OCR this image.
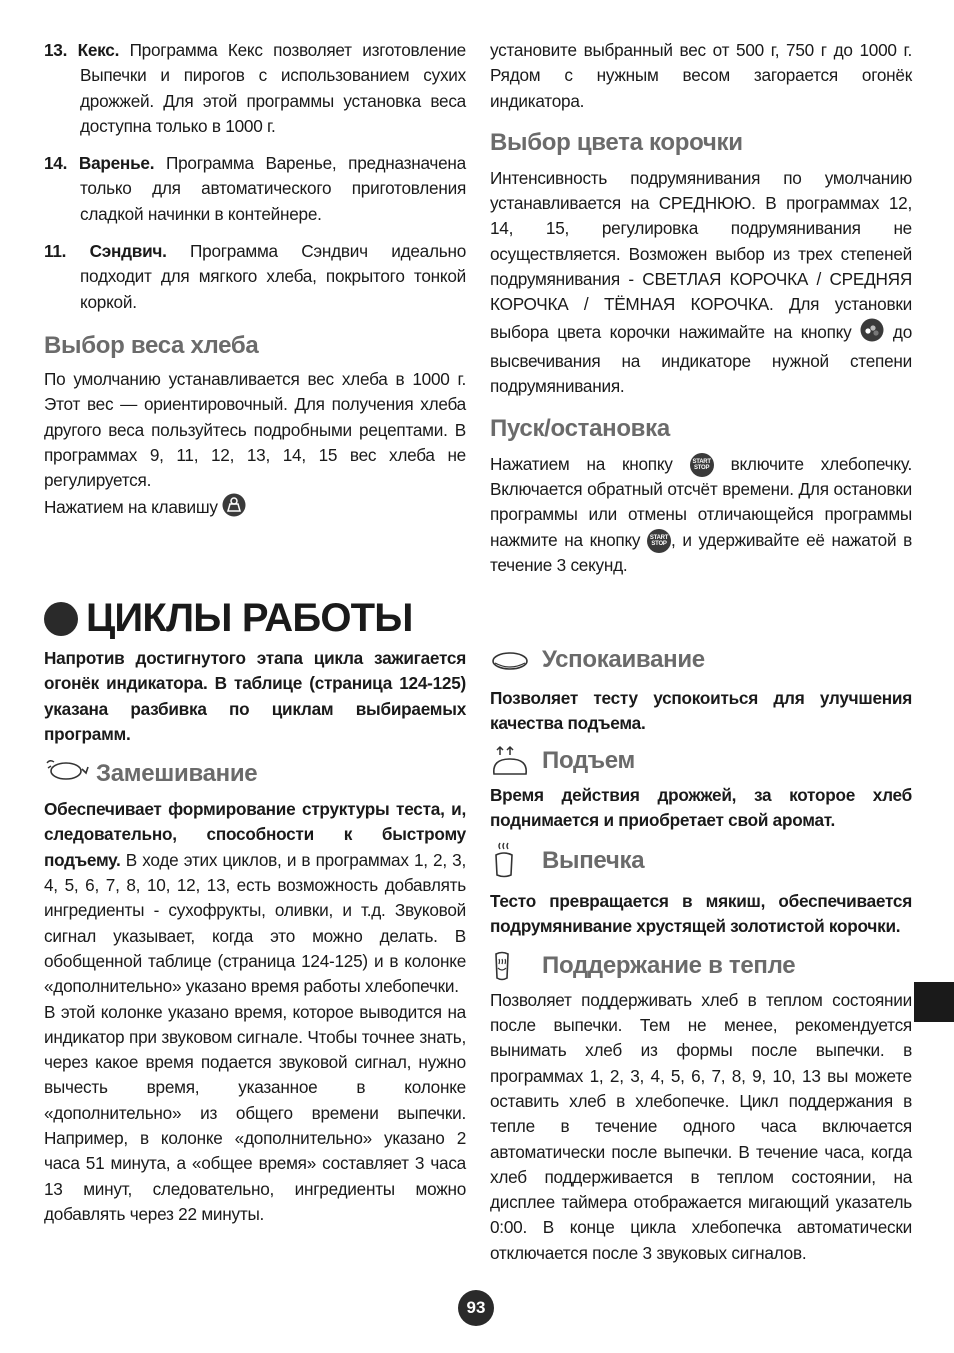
13. Кекс. Программа Кекс позволяет изготовление Выпечки и пирогов с использованием сухих дрожжей. Для этой программы установка веса доступна только в 1000 г.

14. Варенье. Программа Варенье, предназначена только для автоматического приготовления сладкой начинки в контейнере.

11. Сэндвич. Программа Сэндвич идеально подходит для мягкого хлеба, покрытого тонкой коркой.

Выбор веса хлеба

По умолчанию устанавливается вес хлеба в 1000 г. Этот вес — ориентировочный. Для получения хлеба другого веса пользуйтесь подробными рецептами. В программах 9, 11, 12, 13, 14, 15 вес хлеба не регулируется.

Нажатием на клавишу

установите выбранный вес от 500 г, 750 г до 1000 г. Рядом с нужным весом загорается огонёк индикатора.

Выбор цвета корочки

Интенсивность подрумянивания по умолчанию устанавливается на СРЕДНЮЮ. В программах 12, 14, 15, регулировка подрумянивания не осуществляется. Возможен выбор из трех степеней подрумянивания - СВЕТЛАЯ КОРОЧКА / СРЕДНЯЯ КОРОЧКА / ТЁМНАЯ КОРОЧКА. Для установки выбора цвета корочки нажимайте на кнопку до высвечивания на индикаторе нужной степени подрумянивания.

Пуск/остановка

Нажатием на кнопку	START
STOP включите хлебопечку. Включается обратный отсчёт времени. Для остановки программы или отмены отличающейся программы нажмите на кнопку START
STOP , и удерживайте её нажатой в течение 3 секунд.

ЦИКЛЫ РАБОТЫ

Напротив достигнутого этапа цикла зажигается огонёк индикатора. В таблице (страница 124-125) указана разбивка по циклам выбираемых программ.

Замешивание

Обеспечивает формирование структуры теста, и, следовательно, способности к быстрому подъему. В ходе этих циклов, и в программах 1, 2, 3, 4, 5, 6, 7, 8, 10, 12, 13, есть возможность добавлять ингредиенты - сухофрукты, оливки, и т.д. Звуковой сигнал указывает, когда это можно делать. В обобщенной таблице (страница 124-125) и в колонке «дополнительно» указано время работы хлебопечки.

В этой колонке указано время, которое выводится на индикатор при звуковом сигнале. Чтобы точнее знать, через какое время подается звуковой сигнал, нужно вычесть время, указанное в колонке «дополнительно» из общего времени выпечки. Например, в колонке «дополнительно» указано 2 часа 51 минута, а «общее время» составляет 3 часа 13 минут, следовательно, ингредиенты можно добавлять через 22 минуты.

Успокаивание

Позволяет тесту успокоиться для улучшения качества подъема.

Подъем

Время действия дрожжей, за которое хлеб поднимается и приобретает свой аромат.

Выпечка

Тесто превращается в мякиш, обеспечивается подрумянивание хрустящей золотистой корочки.

Поддержание в тепле

Позволяет поддерживать хлеб в теплом состоянии после выпечки. Тем не менее, рекомендуется вынимать хлеб из формы после выпечки. в программах 1, 2, 3, 4, 5, 6, 7, 8, 9, 10, 13 вы можете оставить хлеб в хлебопечке. Цикл поддержания в тепле в течение одного часа включается автоматически после выпечки. В течение часа, когда хлеб поддерживается в теплом состоянии, на дисплее таймера отображается мигающий указатель 0:00. В конце цикла хлебопечка автоматически отключается после 3 звуковых сигналов.

93
